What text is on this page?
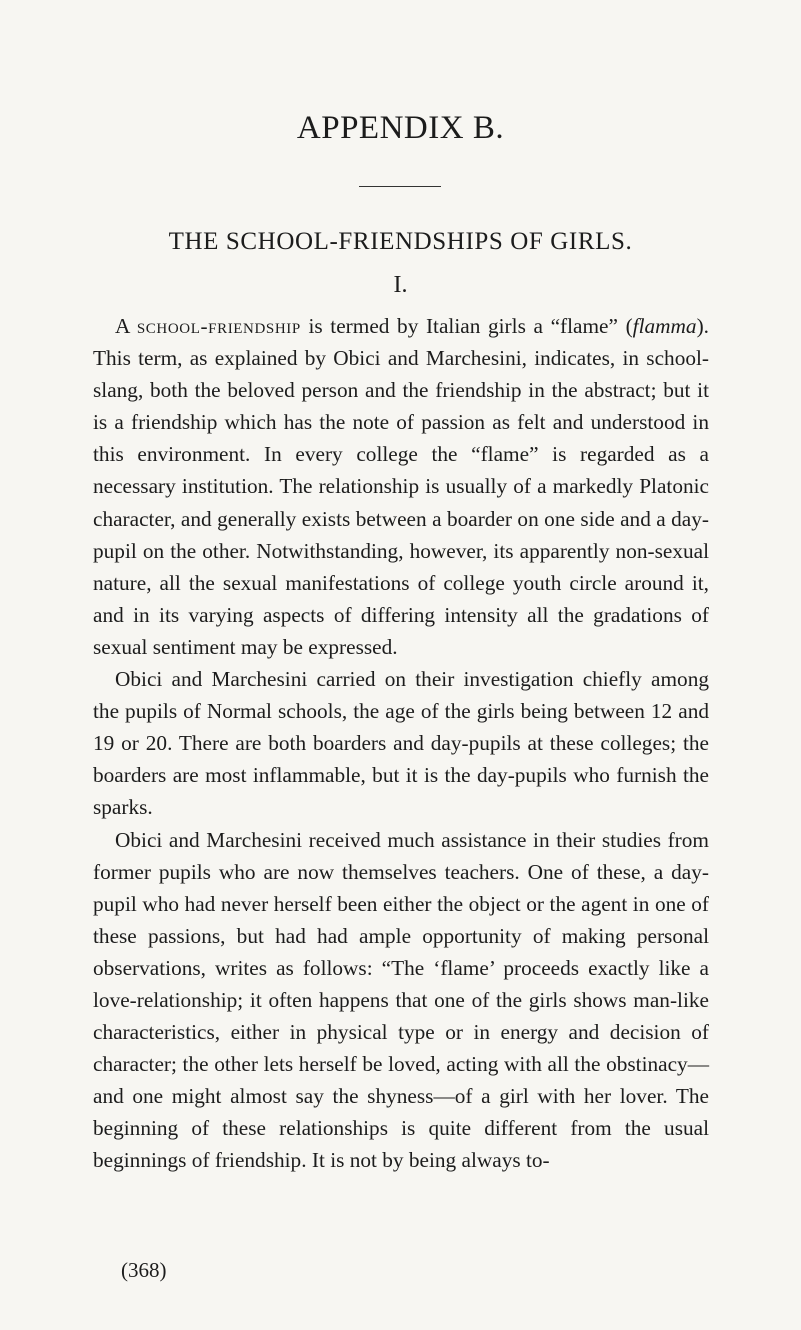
APPENDIX B.
THE SCHOOL-FRIENDSHIPS OF GIRLS.
I.

A school-friendship is termed by Italian girls a “flame” (flamma). This term, as explained by Obici and Marchesini, indicates, in school-slang, both the beloved person and the friendship in the abstract; but it is a friendship which has the note of passion as felt and understood in this environment. In every college the “flame” is regarded as a necessary institution. The relationship is usually of a markedly Platonic character, and generally exists between a boarder on one side and a day-pupil on the other. Notwithstanding, however, its apparently non-sexual nature, all the sexual manifestations of college youth circle around it, and in its varying aspects of differing intensity all the gradations of sexual sentiment may be expressed.

Obici and Marchesini carried on their investigation chiefly among the pupils of Normal schools, the age of the girls being between 12 and 19 or 20. There are both boarders and day-pupils at these colleges; the boarders are most inflammable, but it is the day-pupils who furnish the sparks.

Obici and Marchesini received much assistance in their studies from former pupils who are now themselves teachers. One of these, a day-pupil who had never herself been either the object or the agent in one of these passions, but had had ample opportunity of making personal observations, writes as follows: “The ‘flame’ proceeds exactly like a love-relationship; it often happens that one of the girls shows man-like characteristics, either in physical type or in energy and decision of character; the other lets herself be loved, acting with all the obstinacy—and one might almost say the shyness—of a girl with her lover. The beginning of these relationships is quite different from the usual beginnings of friendship. It is not by being always to-

(368)
